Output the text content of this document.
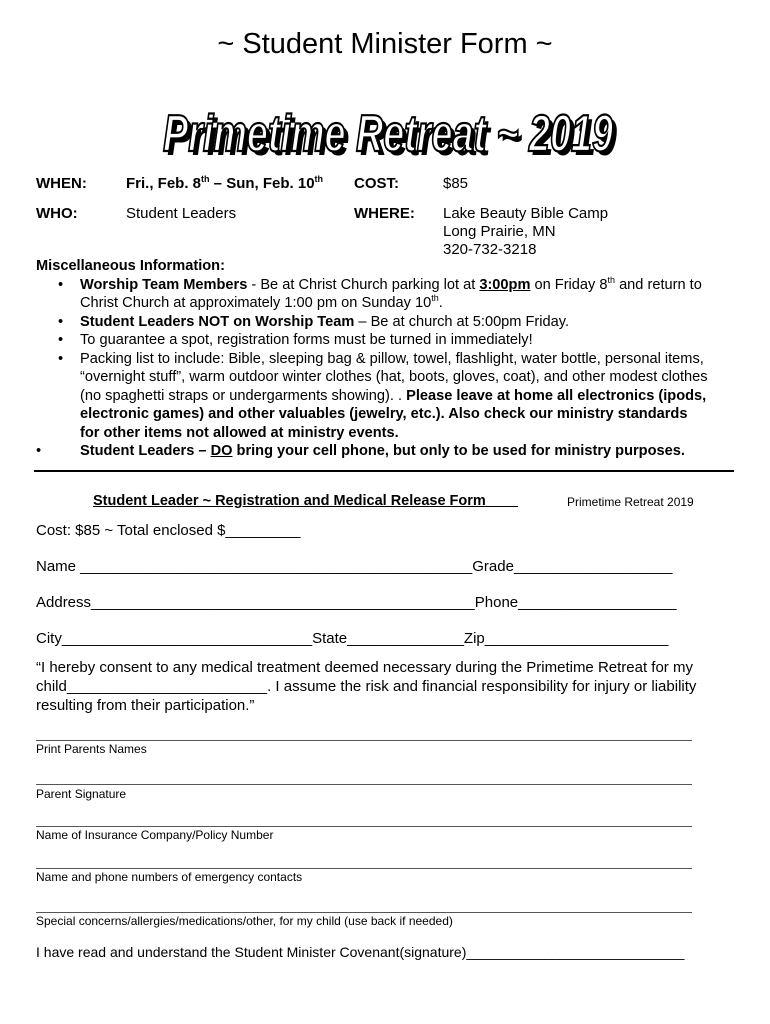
~ Student Minister Form ~
Primetime Retreat ~ 2019
Primetime Retreat ~ 2019
WHEN:	Fri., Feb. 8th – Sun, Feb. 10th COST:	$85
WHO:	Student Leaders	WHERE: Lake Beauty Bible Camp
Long Prairie, MN
320-732-3218
Miscellaneous Information:
• Worship Team Members - Be at Christ Church parking lot at 3:00pm on Friday 8th and return to
Christ Church at approximately 1:00 pm on Sunday 10th.
• Student Leaders NOT on Worship Team – Be at church at 5:00pm Friday.
• To guarantee a spot, registration forms must be turned in immediately!
• Packing list to include: Bible, sleeping bag & pillow, towel, flashlight, water bottle, personal items,
“overnight stuff”, warm outdoor winter clothes (hat, boots, gloves, coat), and other modest clothes
(no spaghetti straps or undergarments showing). . Please leave at home all electronics (ipods,
electronic games) and other valuables (jewelry, etc.). Also check our ministry standards
for other items not allowed at ministry events.
•	Student Leaders – DO bring your cell phone, but only to be used for ministry purposes.
Student Leader ~ Registration and Medical Release Form	Primetime Retreat 2019
Cost: $85 ~ Total enclosed $_________
Name _______________________________________________Grade___________________
Address______________________________________________Phone___________________
City______________________________State______________Zip______________________
“I hereby consent to any medical treatment deemed necessary during the Primetime Retreat for my
child________________________. I assume the risk and financial responsibility for injury or liability
resulting from their participation.”
Print Parents Names
Parent Signature
Name of Insurance Company/Policy Number
Name and phone numbers of emergency contacts
Special concerns/allergies/medications/other, for my child (use back if needed)
I have read and understand the Student Minister Covenant(signature)____________________________
